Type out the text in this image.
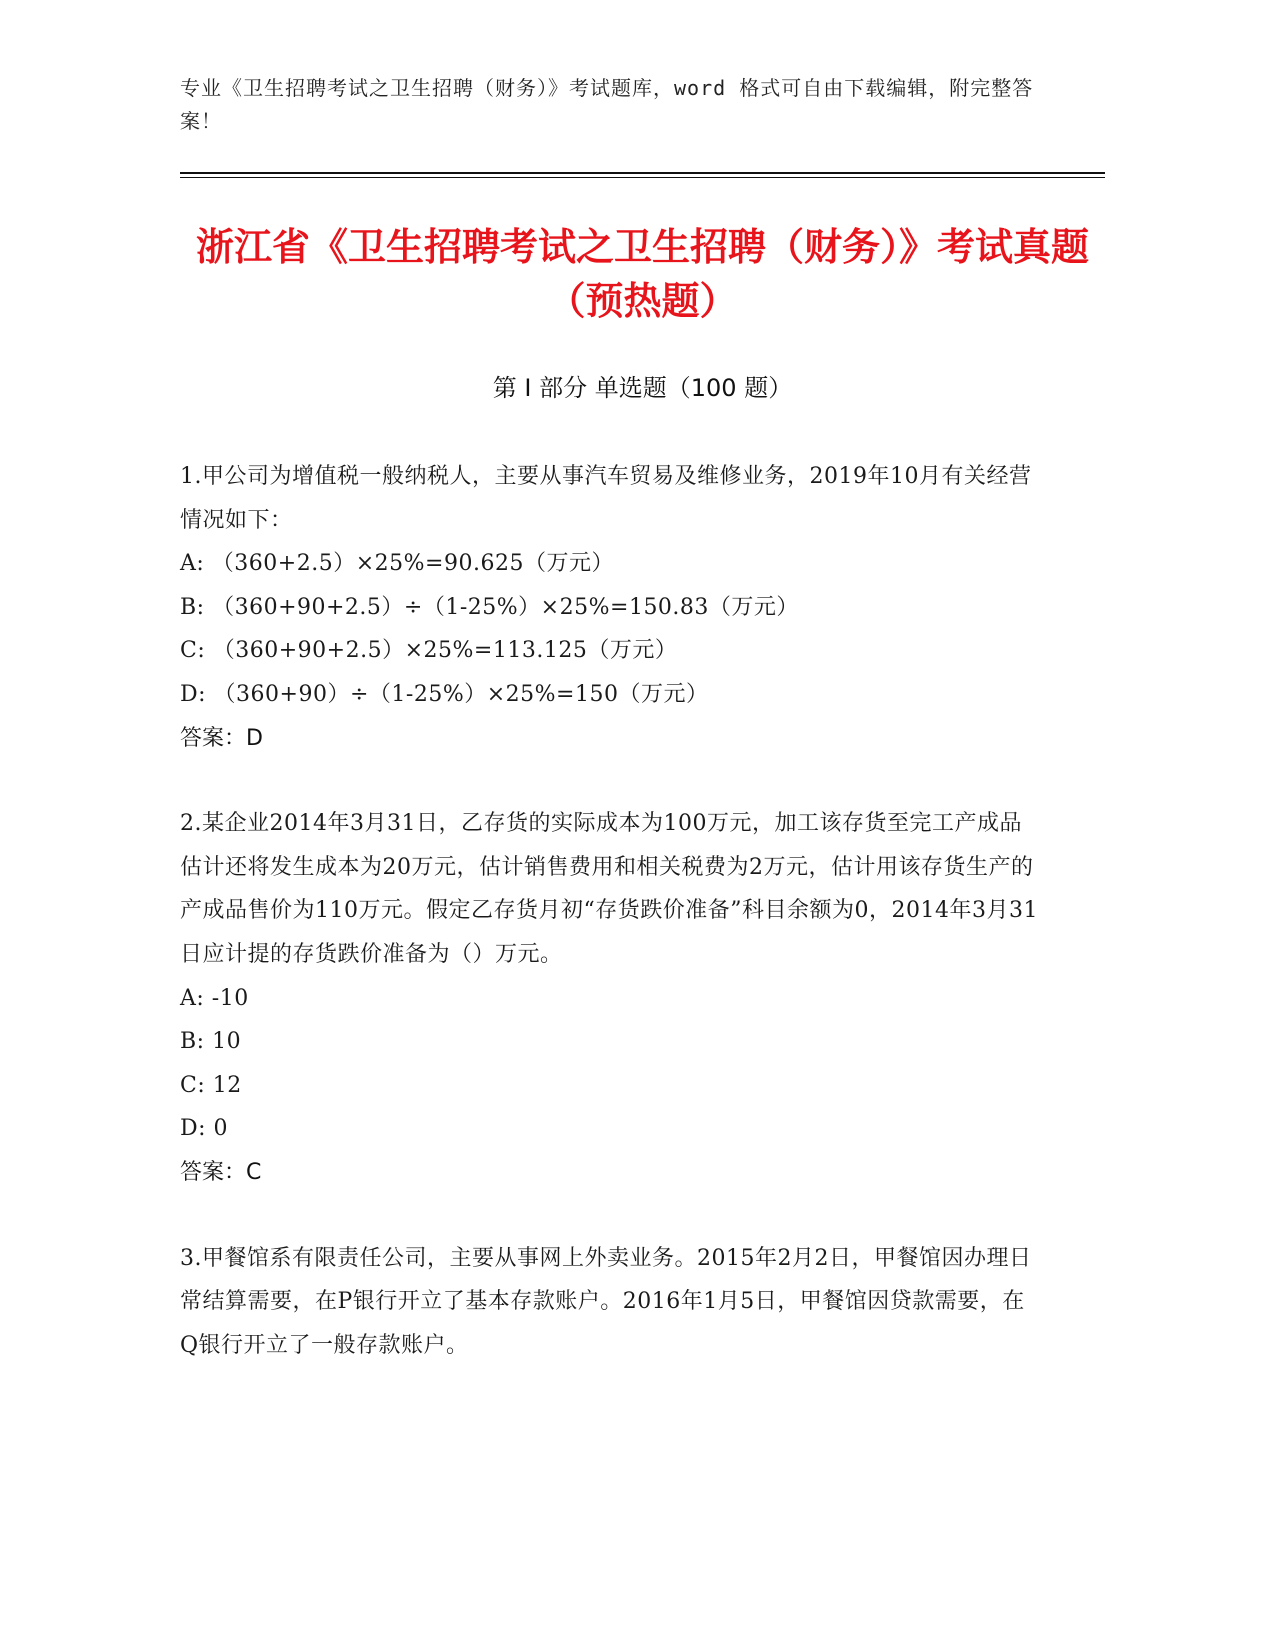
专业《卫生招聘考试之卫生招聘（财务）》考试题库，word 格式可自由下载编辑，附完整答案！
浙江省《卫生招聘考试之卫生招聘（财务）》考试真题（预热题）
第 I 部分 单选题（100 题）
1.甲公司为增值税一般纳税人，主要从事汽车贸易及维修业务，2019年10月有关经营情况如下：
A: （360+2.5）×25%=90.625（万元）
B: （360+90+2.5）÷（1-25%）×25%=150.83（万元）
C: （360+90+2.5）×25%=113.125（万元）
D: （360+90）÷（1-25%）×25%=150（万元）
答案：D
2.某企业2014年3月31日，乙存货的实际成本为100万元，加工该存货至完工产成品估计还将发生成本为20万元，估计销售费用和相关税费为2万元，估计用该存货生产的产成品售价为110万元。假定乙存货月初“存货跌价准备”科目余额为0，2014年3月31日应计提的存货跌价准备为（）万元。
A: -10
B: 10
C: 12
D: 0
答案：C
3.甲餐馆系有限责任公司，主要从事网上外卖业务。2015年2月2日，甲餐馆因办理日常结算需要，在P银行开立了基本存款账户。2016年1月5日，甲餐馆因贷款需要，在Q银行开立了一般存款账户。
